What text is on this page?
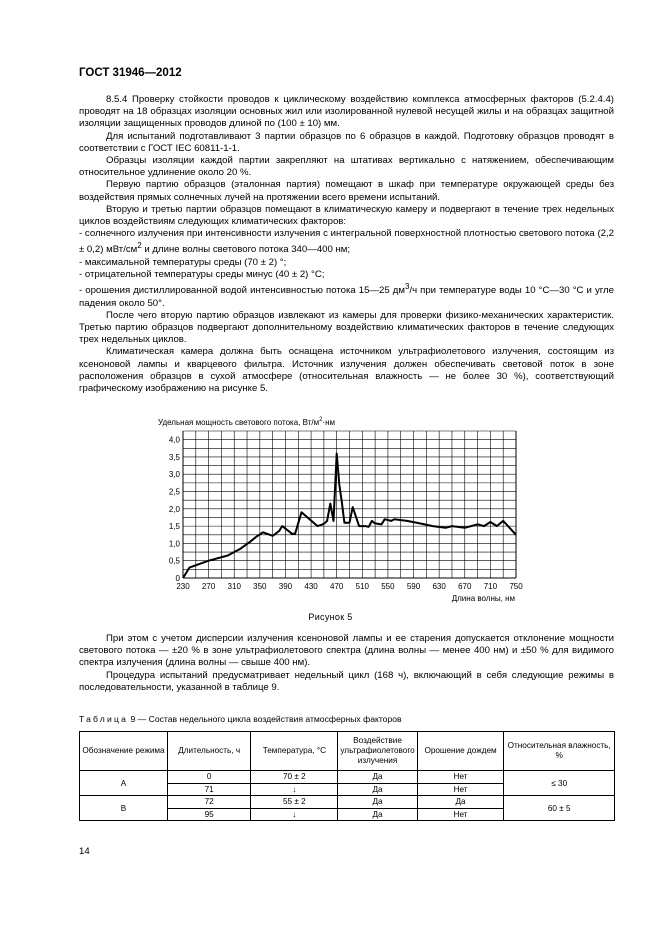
ГОСТ 31946—2012

8.5.4 Проверку стойкости проводов к циклическому воздействию комплекса атмосферных факторов (5.2.4.4) проводят на 18 образцах изоляции основных жил или изолированной нулевой несущей жилы и на образцах защитной изоляции защищенных проводов длиной по (100 ± 10) мм.

Для испытаний подготавливают 3 партии образцов по 6 образцов в каждой. Подготовку образцов проводят в соответствии с ГОСТ IEC 60811-1-1.

Образцы изоляции каждой партии закрепляют на штативах вертикально с натяжением, обеспечивающим относительное удлинение около 20 %.

Первую партию образцов (эталонная партия) помещают в шкаф при температуре окружающей среды без воздействия прямых солнечных лучей на протяжении всего времени испытаний.

Вторую и третью партии образцов помещают в климатическую камеру и подвергают в течение трех недельных циклов воздействиям следующих климатических факторов:

- солнечного излучения при интенсивности излучения с интегральной поверхностной плотностью светового потока (2,2 ± 0,2) мВт/$см^2$ и длине волны светового потока 340—400 нм;

- максимальной температуры среды (70 ± 2) °;

- отрицательной температуры среды минус (40 ± 2) °С;

- орошения дистиллированной водой интенсивностью потока 15—25 $дм^3/ч$ при температуре воды 10 °С—30 °С и угле падения около 50°.

После чего вторую партию образцов извлекают из камеры для проверки физико-механических характеристик. Третью партию образцов подвергают дополнительному воздействию климатических факторов в течение следующих трех недельных циклов.

Климатическая камера должна быть оснащена источником ультрафиолетового излучения, состоящим из ксеноновой лампы и кварцевого фильтра. Источник излучения должен обеспечивать световой поток в зоне расположения образцов в сухой атмосфере (относительная влажность — не более 30 %), соответствующий графическому изображению на рисунке 5.

Удельная мощность светового потока, $Вт/м^2\cdot нм$
Длина волны, нм
230 270 310 350 390 430 470 510 550 590 630 670 710 750
0
0,5
1,0
1,5
2,0
2,5
3,0
3,5
4,0
Рисунок 5

При этом с учетом дисперсии излучения ксеноновой лампы и ее старения допускается отклонение мощности светового потока — ±20 % в зоне ультрафиолетового спектра (длина волны — менее 400 нм) и ±50 % для видимого спектра излучения (длина волны — свыше 400 нм).

Процедура испытаний предусматривает недельный цикл (168 ч), включающий в себя следующие режимы в последовательности, указанной в таблице 9.

Таблица 9 — Состав недельного цикла воздействия атмосферных факторов
Обозначение режима	Длительность, ч	Температура, °С	Воздействие ультрафиолетового излучения	Орошение дождем	Относительная влажность, %
А	0	70 ± 2	Да	Нет	≤ 30
	71	↓	Да	Нет	
В	72	55 ± 2	Да	Да	60 ± 5
	95	↓	Да	Нет	
14
